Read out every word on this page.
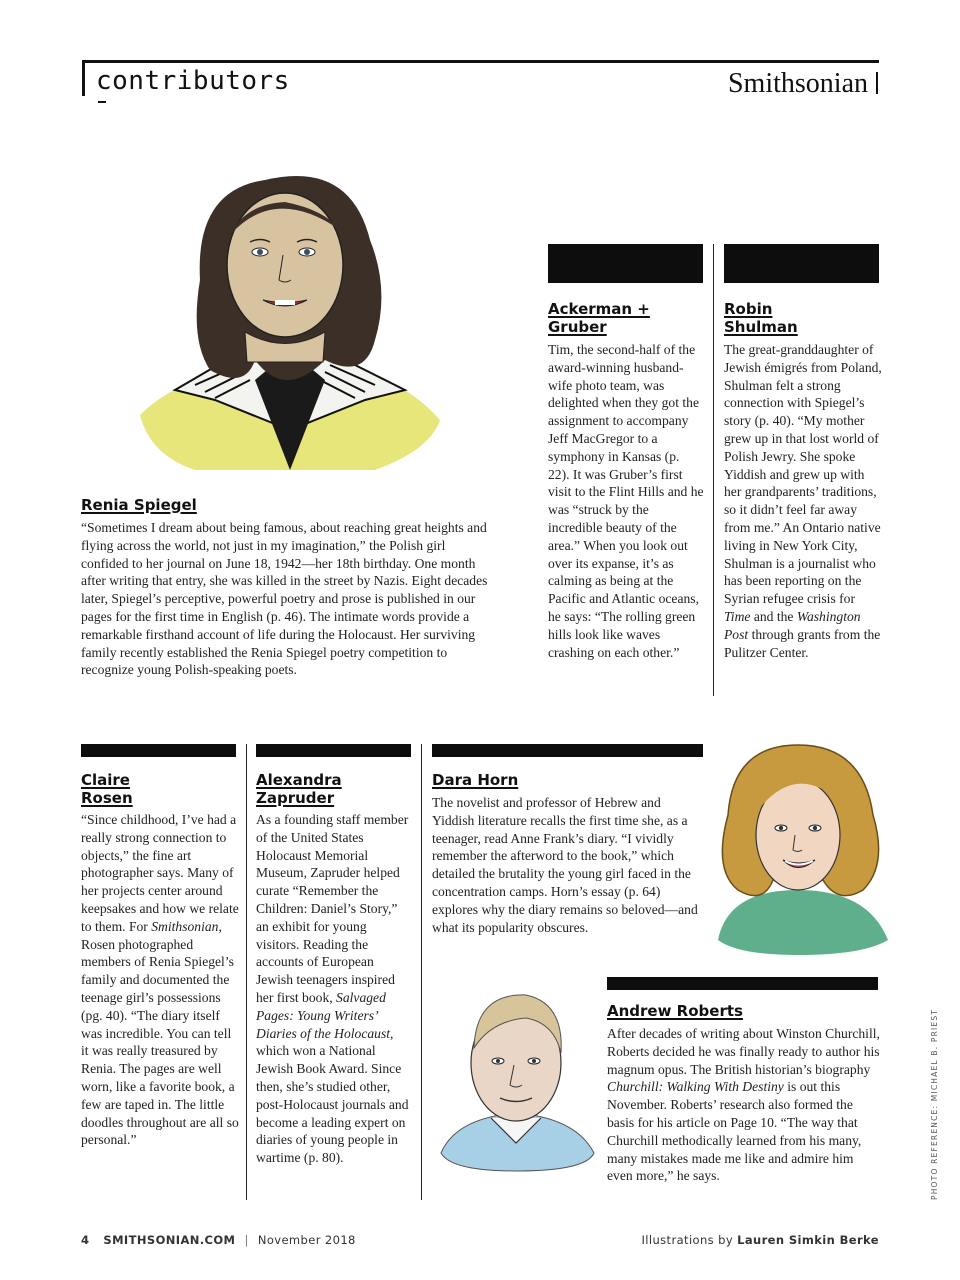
contributors	Smithsonian
Renia Spiegel
“Sometimes I dream about being famous, about reaching great heights and flying across the world, not just in my imagination,” the Polish girl confided to her journal on June 18, 1942—her 18th birthday. One month after writing that entry, she was killed in the street by Nazis. Eight decades later, Spiegel’s perceptive, powerful poetry and prose is published in our pages for the first time in English (p. 46). The intimate words provide a remarkable firsthand account of life during the Holocaust. Her surviving family recently established the Renia Spiegel poetry competition to recognize young Polish-speaking poets.
Ackerman +
Gruber
Tim, the second-half of the award-winning husband-wife photo team, was delighted when they got the assignment to accompany Jeff MacGregor to a symphony in Kansas (p. 22). It was Gruber’s first visit to the Flint Hills and he was “struck by the incredible beauty of the area.” When you look out over its expanse, it’s as calming as being at the Pacific and Atlantic oceans, he says: “The rolling green hills look like waves crashing on each other.”
Robin
Shulman
The great-granddaughter of Jewish émigrés from Poland, Shulman felt a strong connection with Spiegel’s story (p. 40). “My mother grew up in that lost world of Polish Jewry. She spoke Yiddish and grew up with her grandparents’ traditions, so it didn’t feel far away from me.” An Ontario native living in New York City, Shulman is a journalist who has been reporting on the Syrian refugee crisis for Time and the Washington Post through grants from the Pulitzer Center.
Claire
Rosen
“Since childhood, I’ve had a really strong connection to objects,” the fine art photographer says. Many of her projects center around keepsakes and how we relate to them. For Smithsonian, Rosen photographed members of Renia Spiegel’s family and documented the teenage girl’s possessions (pg. 40). “The diary itself was incredible. You can tell it was really treasured by Renia. The pages are well worn, like a favorite book, a few are taped in. The little doodles throughout are all so personal.”
Alexandra
Zapruder
As a founding staff member of the United States Holocaust Memorial Museum, Zapruder helped curate “Remember the Children: Daniel’s Story,” an exhibit for young visitors. Reading the accounts of European Jewish teenagers inspired her first book, Salvaged Pages: Young Writers’ Diaries of the Holocaust, which won a National Jewish Book Award. Since then, she’s studied other, post-Holocaust journals and become a leading expert on diaries of young people in wartime (p. 80).
Dara Horn
The novelist and professor of Hebrew and Yiddish literature recalls the first time she, as a teenager, read Anne Frank’s diary. “I vividly remember the afterword to the book,” which detailed the brutality the young girl faced in the concentration camps. Horn’s essay (p. 64) explores why the diary remains so beloved—and what its popularity obscures.
Andrew Roberts
After decades of writing about Winston Churchill, Roberts decided he was finally ready to author his magnum opus. The British historian’s biography Churchill: Walking With Destiny is out this November. Roberts’ research also formed the basis for his article on Page 10. “The way that Churchill methodically learned from his many, many mistakes made me like and admire him even more,” he says.	PHOTO REFERENCE: MICHAEL B. PRIEST
4 SMITHSONIAN.COM | November 2018	Illustrations by Lauren Simkin Berke
